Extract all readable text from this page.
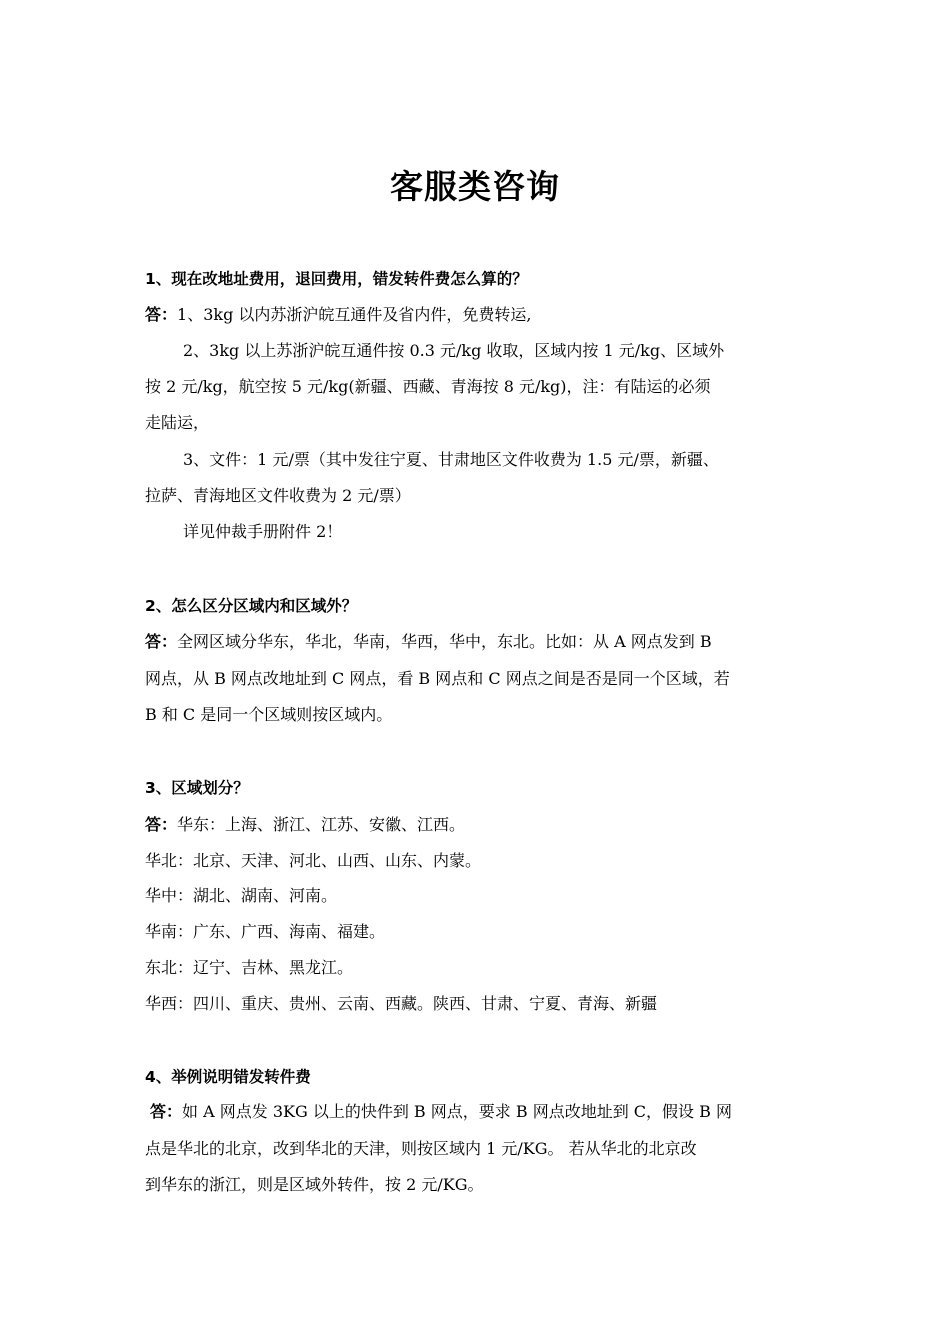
客服类咨询
1、现在改地址费用，退回费用，错发转件费怎么算的？
答：1、3kg 以内苏浙沪皖互通件及省内件，免费转运,
2、3kg 以上苏浙沪皖互通件按 0.3 元/kg 收取，区域内按 1 元/kg、区域外
按 2 元/kg，航空按 5 元/kg(新疆、西藏、青海按 8 元/kg)，注：有陆运的必须
走陆运，
3、文件：1 元/票（其中发往宁夏、甘肃地区文件收费为 1.5 元/票，新疆、
拉萨、青海地区文件收费为 2 元/票）
详见仲裁手册附件 2！
2、怎么区分区域内和区域外？
答：全网区域分华东，华北，华南，华西，华中，东北。比如：从 A 网点发到 B
网点，从 B 网点改地址到 C 网点，看 B 网点和 C 网点之间是否是同一个区域，若
B 和 C 是同一个区域则按区域内。
3、区域划分？
答：华东：上海、浙江、江苏、安徽、江西。
华北：北京、天津、河北、山西、山东、内蒙。
华中：湖北、湖南、河南。
华南：广东、广西、海南、福建。
东北：辽宁、吉林、黑龙江。
华西：四川、重庆、贵州、云南、西藏。陕西、甘肃、宁夏、青海、新疆
4、举例说明错发转件费
答：如 A 网点发 3KG 以上的快件到 B 网点，要求 B 网点改地址到 C，假设 B 网
点是华北的北京，改到华北的天津，则按区域内 1 元/KG。 若从华北的北京改
到华东的浙江，则是区域外转件，按 2 元/KG。
